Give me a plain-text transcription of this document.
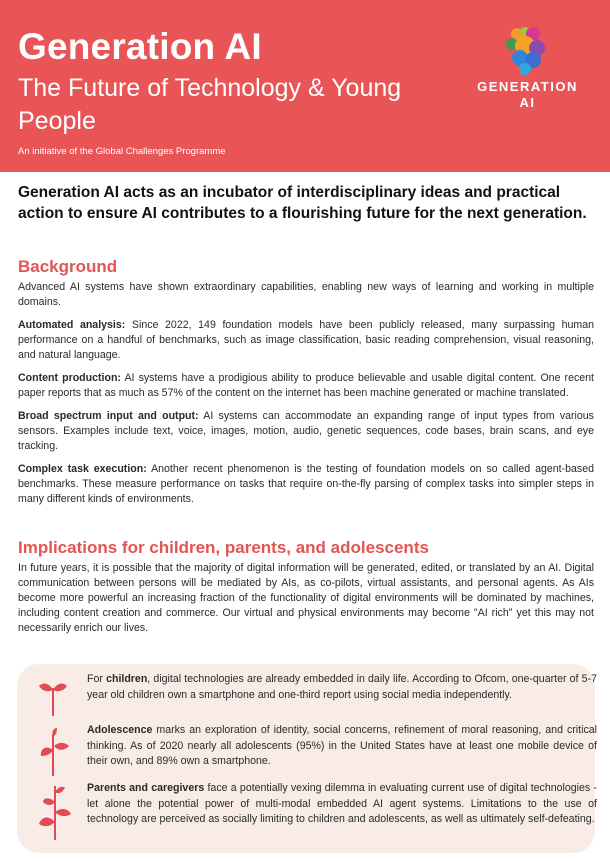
Generation AI
The Future of Technology & Young People
An initiative of the Global Challenges Programme
GENERATION
AI
Generation AI acts as an incubator of interdisciplinary ideas and practical action to ensure AI contributes to a flourishing future for the next generation.
Background

Advanced AI systems have shown extraordinary capabilities, enabling new ways of learning and working in multiple domains.

Automated analysis: Since 2022, 149 foundation models have been publicly released, many surpassing human performance on a handful of benchmarks, such as image classification, basic reading comprehension, visual reasoning, and natural language.

Content production: AI systems have a prodigious ability to produce believable and usable digital content. One recent paper reports that as much as 57% of the content on the internet has been machine generated or machine translated.

Broad spectrum input and output: AI systems can accommodate an expanding range of input types from various sensors. Examples include text, voice, images, motion, audio, genetic sequences, code bases, brain scans, and eye tracking.

Complex task execution: Another recent phenomenon is the testing of foundation models on so called agent-based benchmarks. These measure performance on tasks that require on-the-fly parsing of complex tasks into simpler steps in many different kinds of environments.

Implications for children, parents, and adolescents

In future years, it is possible that the majority of digital information will be generated, edited, or translated by an AI. Digital communication between persons will be mediated by AIs, as co-pilots, virtual assistants, and personal agents. As AIs become more powerful an increasing fraction of the functionality of digital environments will be dominated by machines, including content creation and commerce. Our virtual and physical environments may become "AI rich" yet this may not necessarily enrich our lives.

For children, digital technologies are already embedded in daily life. According to Ofcom, one-quarter of 5-7 year old children own a smartphone and one-third report using social media independently.

Adolescence marks an exploration of identity, social concerns, refinement of moral reasoning, and critical thinking. As of 2020 nearly all adolescents (95%) in the United States have at least one mobile device of their own, and 89% own a smartphone.

Parents and caregivers face a potentially vexing dilemma in evaluating current use of digital technologies - let alone the potential power of multi-modal embedded AI agent systems. Limitations to the use of technology are perceived as socially limiting to children and adolescents, as well as ultimately self-defeating.
